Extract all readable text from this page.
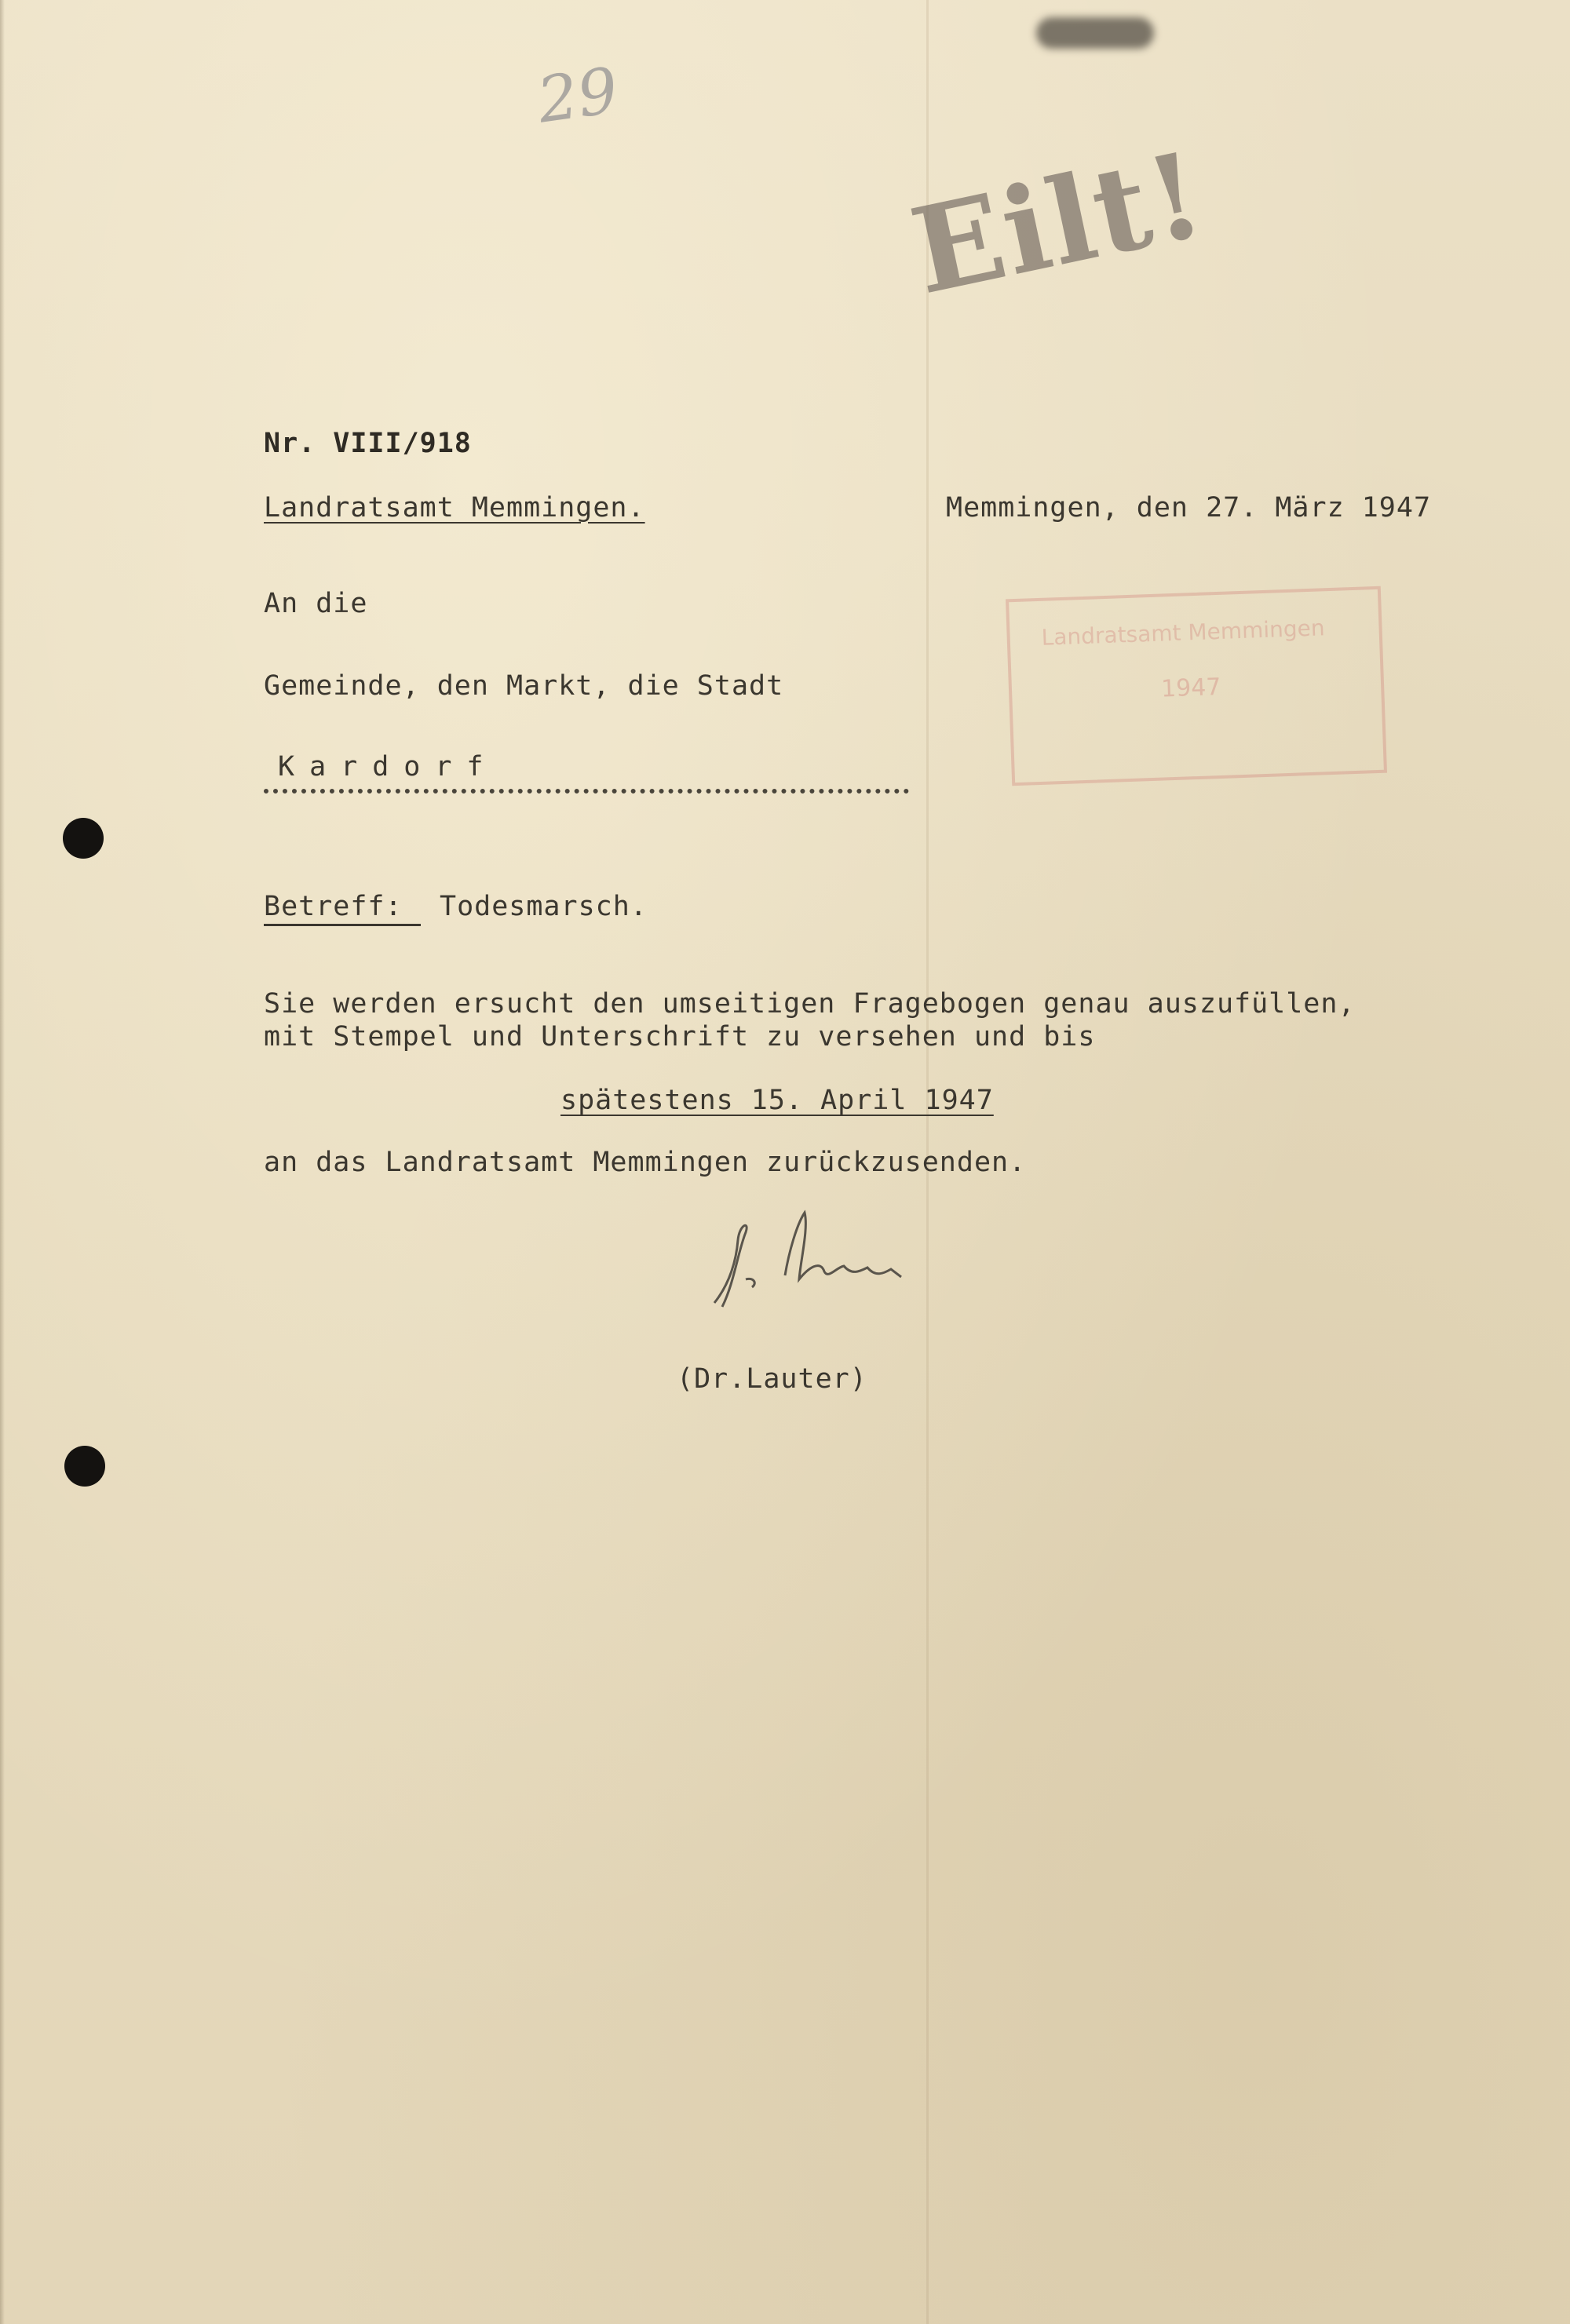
29
Eilt!
Landratsamt Memmingen
1947
Nr. VIII/918
Landratsamt Memmingen.	Memmingen, den 27. März 1947
An die
Gemeinde, den Markt, die Stadt
Kardorf
Betreff: Todesmarsch.
Sie werden ersucht den umseitigen Fragebogen genau auszufüllen,
mit Stempel und Unterschrift zu versehen und bis
spätestens 15. April 1947
an das Landratsamt Memmingen zurückzusenden.
(Dr.Lauter)
